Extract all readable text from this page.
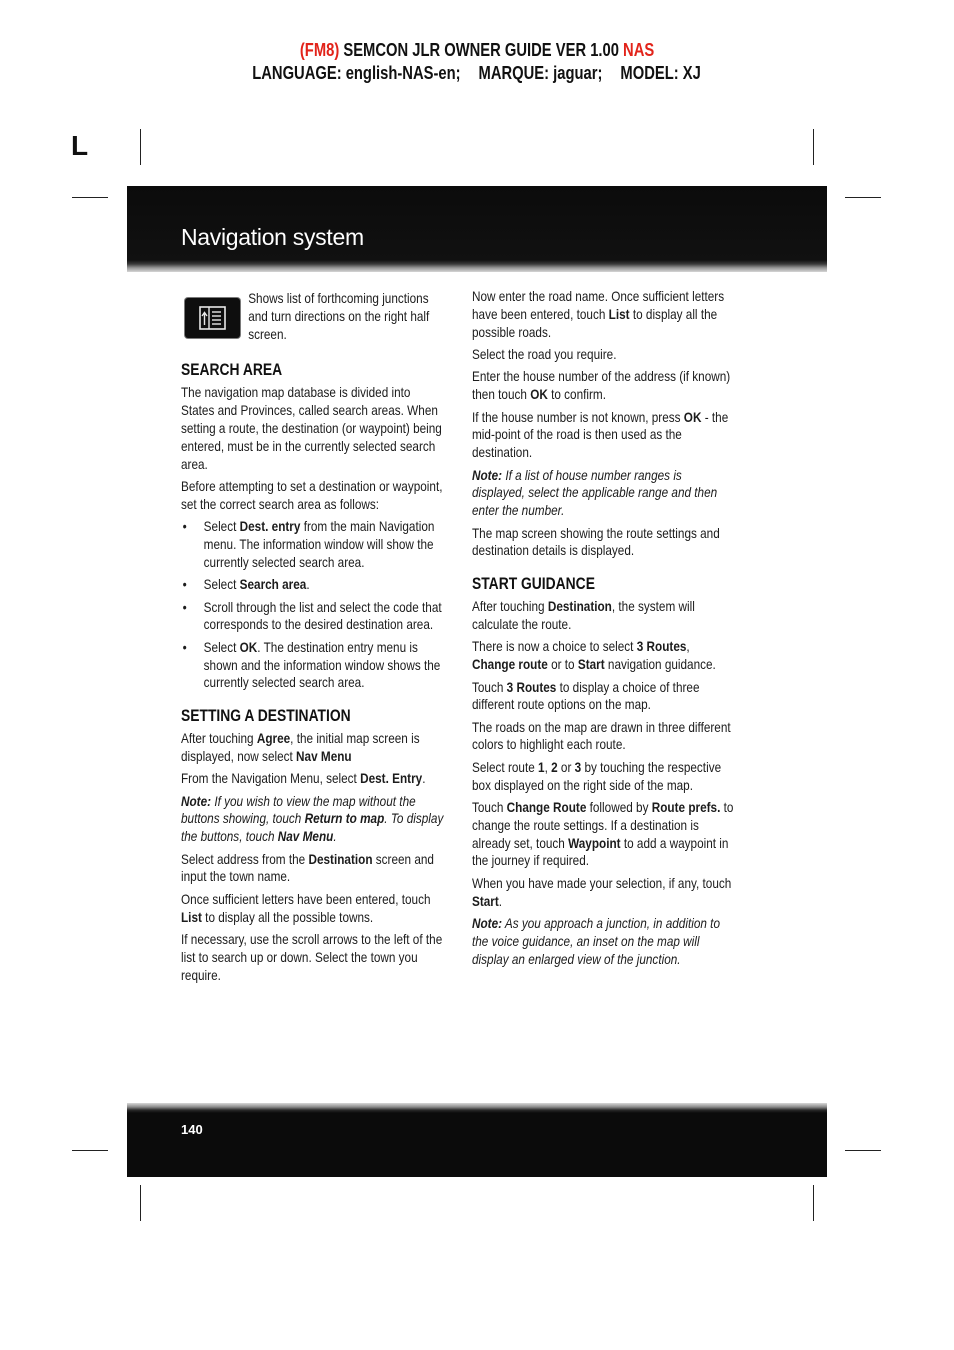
(FM8) SEMCON JLR OWNER GUIDE VER 1.00 NAS
LANGUAGE: english-NAS-en; MARQUE: jaguar; MODEL: XJ
L
Navigation system

Shows list of forthcoming junctions and turn directions on the right half screen.

SEARCH AREA

The navigation map database is divided into States and Provinces, called search areas. When setting a route, the destination (or waypoint) being entered, must be in the currently selected search area.

Before attempting to set a destination or waypoint, set the correct search area as follows:

• Select Dest. entry from the main Navigation menu. The information window will show the currently selected search area.
• Select Search area.
• Scroll through the list and select the code that corresponds to the desired destination area.
• Select OK. The destination entry menu is shown and the information window shows the currently selected search area.
SETTING A DESTINATION

After touching Agree, the initial map screen is displayed, now select Nav Menu

From the Navigation Menu, select Dest. Entry.

Note: If you wish to view the map without the buttons showing, touch Return to map. To display the buttons, touch Nav Menu.

Select address from the Destination screen and input the town name.

Once sufficient letters have been entered, touch List to display all the possible towns.

If necessary, use the scroll arrows to the left of the list to search up or down. Select the town you require.

Now enter the road name. Once sufficient letters have been entered, touch List to display all the possible roads.

Select the road you require.

Enter the house number of the address (if known) then touch OK to confirm.

If the house number is not known, press OK - the mid-point of the road is then used as the destination.

Note: If a list of house number ranges is displayed, select the applicable range and then enter the number.

The map screen showing the route settings and destination details is displayed.

START GUIDANCE

After touching Destination, the system will calculate the route.

There is now a choice to select 3 Routes, Change route or to Start navigation guidance.

Touch 3 Routes to display a choice of three different route options on the map.

The roads on the map are drawn in three different colors to highlight each route.

Select route 1, 2 or 3 by touching the respective box displayed on the right side of the map.

Touch Change Route followed by Route prefs. to change the route settings. If a destination is already set, touch Waypoint to add a waypoint in the journey if required.

When you have made your selection, if any, touch Start.

Note: As you approach a junction, in addition to the voice guidance, an inset on the map will display an enlarged view of the junction.

140
